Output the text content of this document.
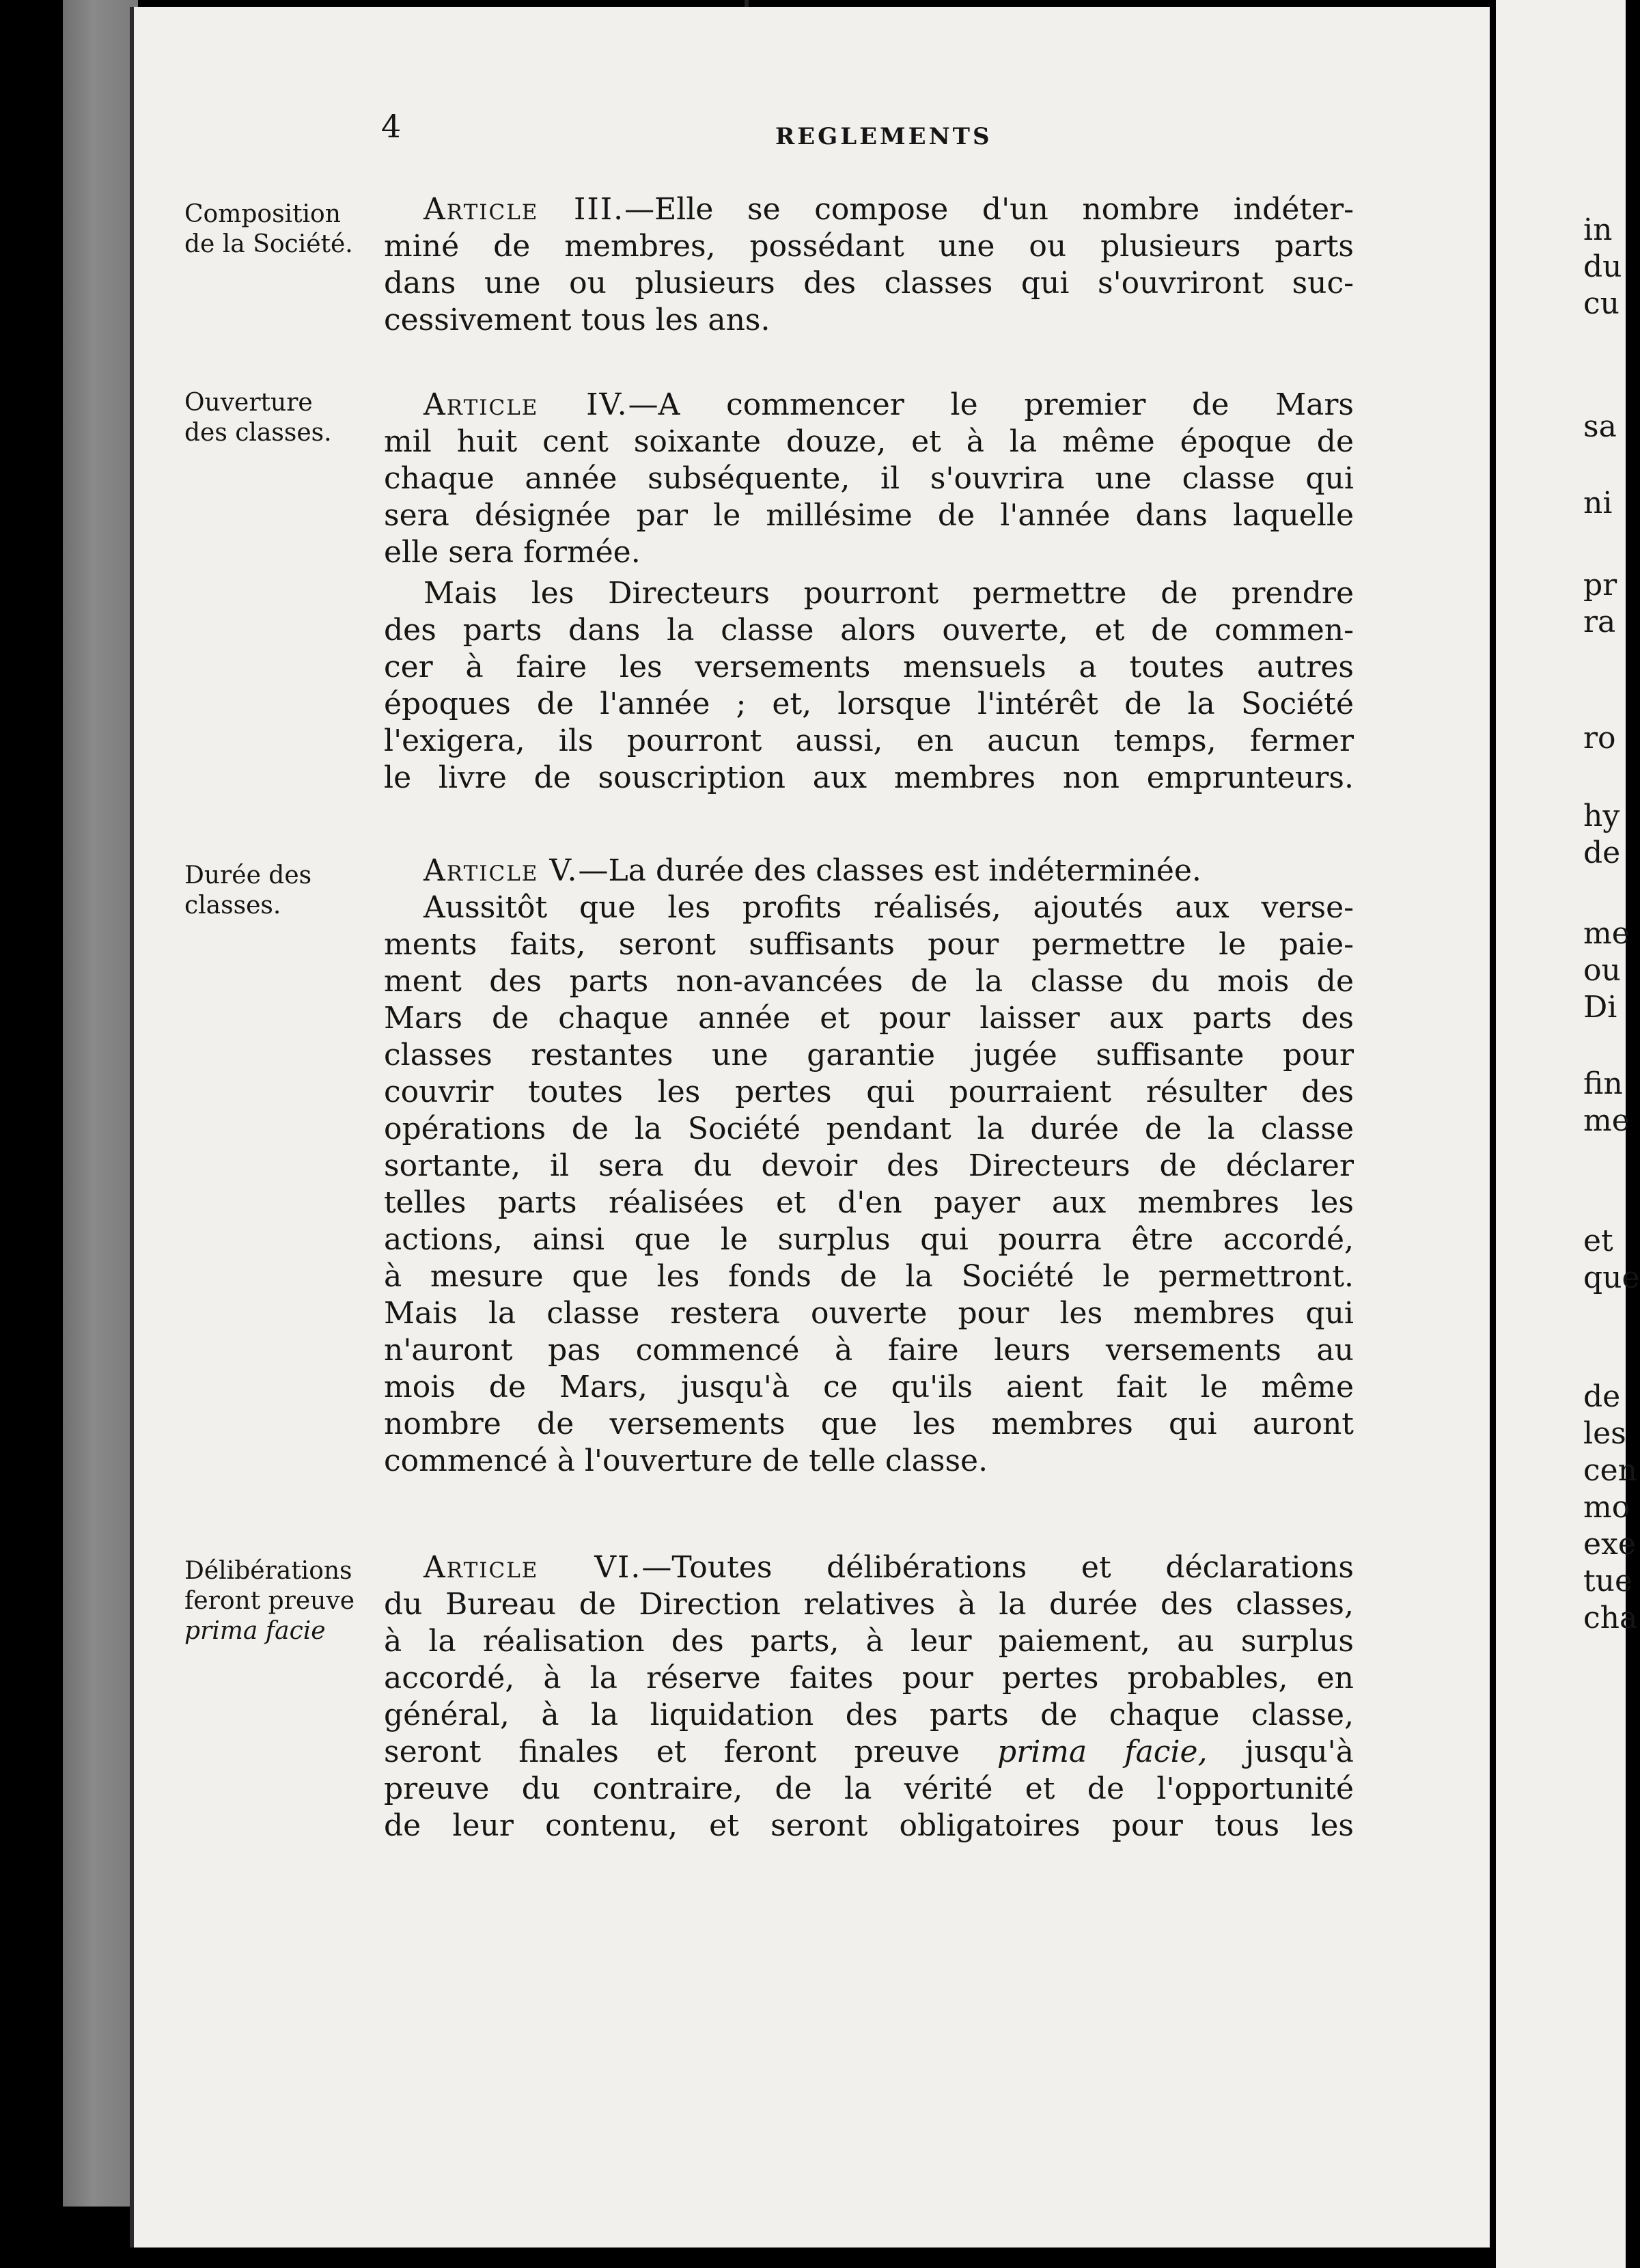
4	REGLEMENTS
Composition
de la Société.
Ouverture
des classes.
Durée des
classes.
Délibérations
feront preuve
prima facie
Article III.—Elle se compose d'un nombre indéter-
miné de membres, possédant une ou plusieurs parts
dans une ou plusieurs des classes qui s'ouvriront suc-
cessivement tous les ans.
Article IV.—A commencer le premier de Mars
mil huit cent soixante douze, et à la même époque de
chaque année subséquente, il s'ouvrira une classe qui
sera désignée par le millésime de l'année dans laquelle
elle sera formée.
Mais les Directeurs pourront permettre de prendre
des parts dans la classe alors ouverte, et de commen-
cer à faire les versements mensuels a toutes autres
époques de l'année ; et, lorsque l'intérêt de la Société
l'exigera, ils pourront aussi, en aucun temps, fermer
le livre de souscription aux membres non emprunteurs.
Article V.—La durée des classes est indéterminée.
Aussitôt que les profits réalisés, ajoutés aux verse-
ments faits, seront suffisants pour permettre le paie-
ment des parts non-avancées de la classe du mois de
Mars de chaque année et pour laisser aux parts des
classes restantes une garantie jugée suffisante pour
couvrir toutes les pertes qui pourraient résulter des
opérations de la Société pendant la durée de la classe
sortante, il sera du devoir des Directeurs de déclarer
telles parts réalisées et d'en payer aux membres les
actions, ainsi que le surplus qui pourra être accordé,
à mesure que les fonds de la Société le permettront.
Mais la classe restera ouverte pour les membres qui
n'auront pas commencé à faire leurs versements au
mois de Mars, jusqu'à ce qu'ils aient fait le même
nombre de versements que les membres qui auront
commencé à l'ouverture de telle classe.
Article VI.—Toutes délibérations et déclarations
du Bureau de Direction relatives à la durée des classes,
à la réalisation des parts, à leur paiement, au surplus
accordé, à la réserve faites pour pertes probables, en
général, à la liquidation des parts de chaque classe,
seront finales et feront preuve prima facie, jusqu'à
preuve du contraire, de la vérité et de l'opportunité
de leur contenu, et seront obligatoires pour tous les
in
du
cu
sa
ni
pr
ra
ro
hy
de
me
ou
Di
fin
me
et
que
de
les
cen
mo
exe
tue
cha
